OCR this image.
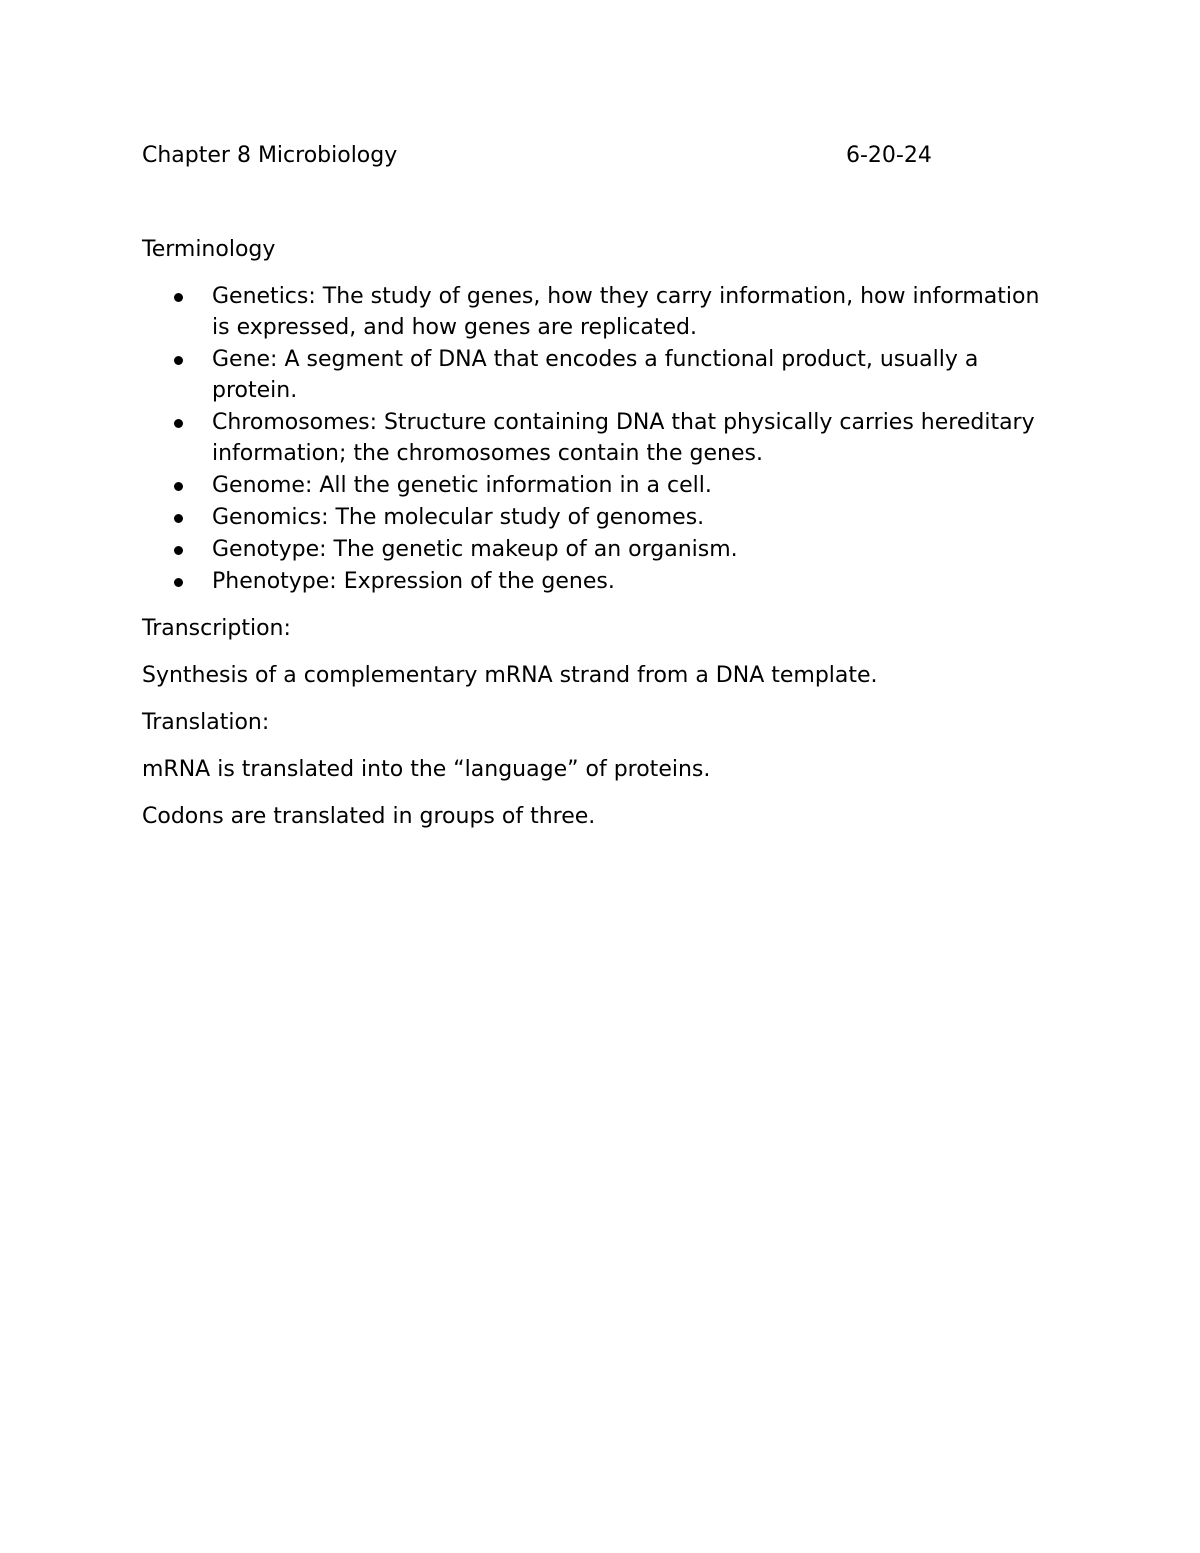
Chapter 8 Microbiology	6-20-24

Terminology

Genetics: The study of genes, how they carry information, how information is expressed, and how genes are replicated.
Gene: A segment of DNA that encodes a functional product, usually a protein.
Chromosomes: Structure containing DNA that physically carries hereditary information; the chromosomes contain the genes.
Genome: All the genetic information in a cell.
Genomics: The molecular study of genomes.
Genotype: The genetic makeup of an organism.
Phenotype: Expression of the genes.

Transcription:

Synthesis of a complementary mRNA strand from a DNA template.

Translation:

mRNA is translated into the “language” of proteins.

Codons are translated in groups of three.
